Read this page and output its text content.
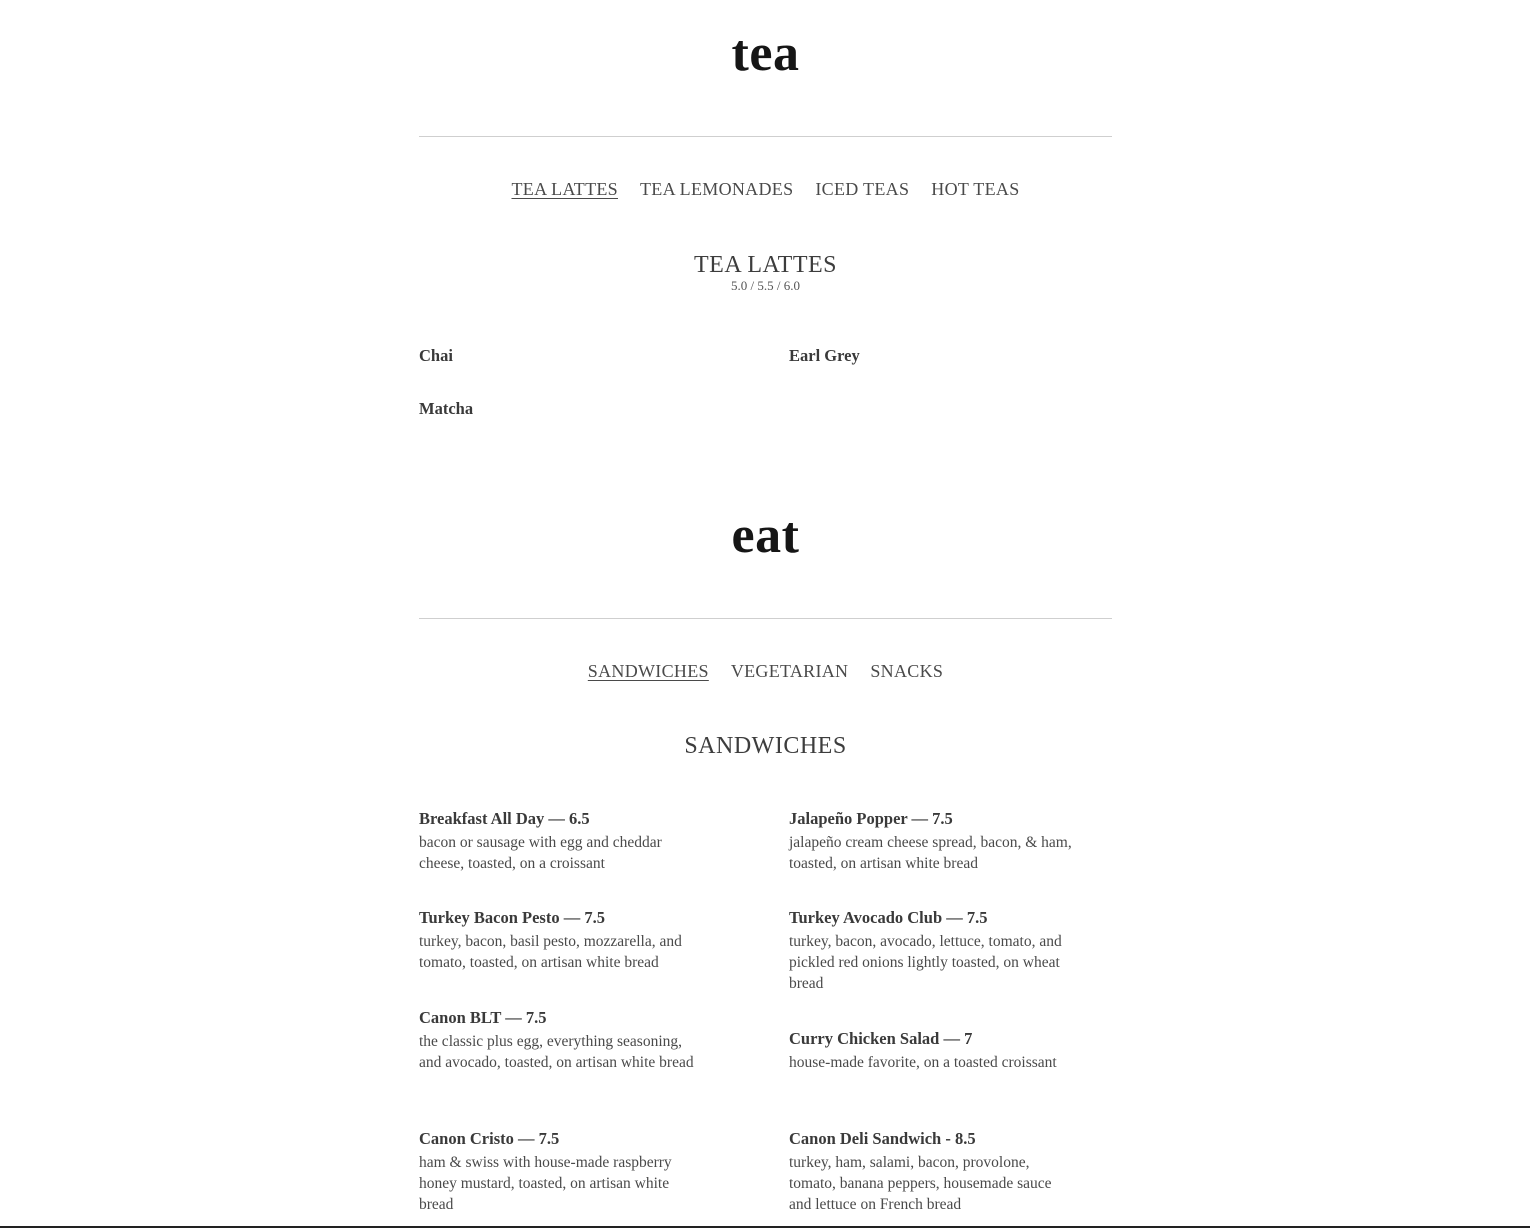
tea
TEA LATTES TEA LEMONADES ICED TEAS HOT TEAS
TEA LATTES
5.0 / 5.5 / 6.0
Chai	Earl Grey
Matcha
eat
SANDWICHES VEGETARIAN SNACKS
SANDWICHES
Breakfast All Day — 6.5
bacon or sausage with egg and cheddar cheese, toasted, on a croissant
Jalapeño Popper — 7.5
jalapeño cream cheese spread, bacon, & ham, toasted, on artisan white bread
Turkey Bacon Pesto — 7.5
turkey, bacon, basil pesto, mozzarella, and tomato, toasted, on artisan white bread
Turkey Avocado Club — 7.5
turkey, bacon, avocado, lettuce, tomato, and pickled red onions lightly toasted, on wheat bread
Canon BLT — 7.5
the classic plus egg, everything seasoning, and avocado, toasted, on artisan white bread
Curry Chicken Salad — 7
house-made favorite, on a toasted croissant
Canon Cristo — 7.5
ham & swiss with house-made raspberry honey mustard, toasted, on artisan white bread
Canon Deli Sandwich - 8.5
turkey, ham, salami, bacon, provolone, tomato, banana peppers, housemade sauce and lettuce on French bread
